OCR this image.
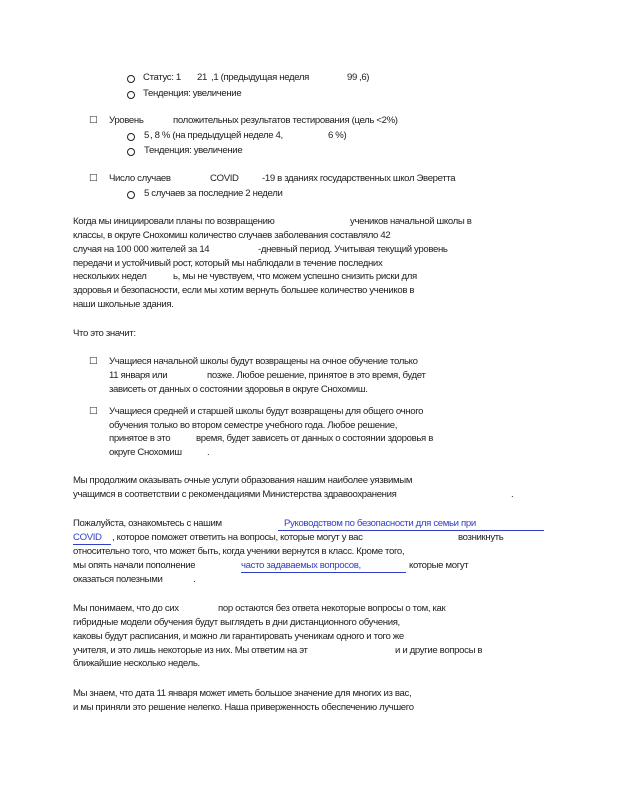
Статус: 1 21 ,1 (предыдущая неделя	99 ,6)
Тенденция: увеличение
□ Уровень	положительных результатов тестирования (цель <2%)
5 , 8 % (на предыдущей неделе 4,	6 %)
Тенденция: увеличение
□ Число случаев	COVID -19 в зданиях государственных школ Эверетта
5 случаев за последние 2 недели
Когда мы инициировали планы по возвращению	учеников начальной школы в
классы, в округе Снохомиш количество случаев заболевания составляло 42
случая на 100 000 жителей за 14	-дневный период. Учитывая текущий уровень
передачи и устойчивый рост, который мы наблюдали в течение последних
нескольких недел	ь, мы не чувствуем, что можем успешно снизить риски для
здоровья и безопасности, если мы хотим вернуть большее количество учеников в
наши школьные здания.
Что это значит:
□ Учащиеся начальной школы будут возвращены на очное обучение только
11 января или	позже. Любое решение, принятое в это время, будет
зависеть от данных о состоянии здоровья в округе Снохомиш.
□ Учащиеся средней и старшей школы будут возвращены для общего очного
обучения только во втором семестре учебного года. Любое решение,
принятое в это	время, будет зависеть от данных о состоянии здоровья в
округе Снохомиш	.
Мы продолжим оказывать очные услуги образования нашим наиболее уязвимым
учащимся в соответствии с рекомендациями Министерства здравоохранения	.
Пожалуйста, ознакомьтесь с нашим	Руководством по безопасности для семьи при
COVID , которое поможет ответить на вопросы, которые могут у вас	возникнуть
относительно того, что может быть, когда ученики вернутся в класс. Кроме того,
мы опять начали пополнение	часто задаваемых вопросов,	которые могут
оказаться полезными	.
Мы понимаем, что до сих	пор остаются без ответа некоторые вопросы о том, как
гибридные модели обучения будут выглядеть в дни дистанционного обучения,
каковы будут расписания, и можно ли гарантировать ученикам одного и того же
учителя, и это лишь некоторые из них. Мы ответим на эт	и и другие вопросы в
ближайшие несколько недель.
Мы знаем, что дата 11 января может иметь большое значение для многих из вас,
и мы приняли это решение нелегко. Наша приверженность обеспечению лучшего
